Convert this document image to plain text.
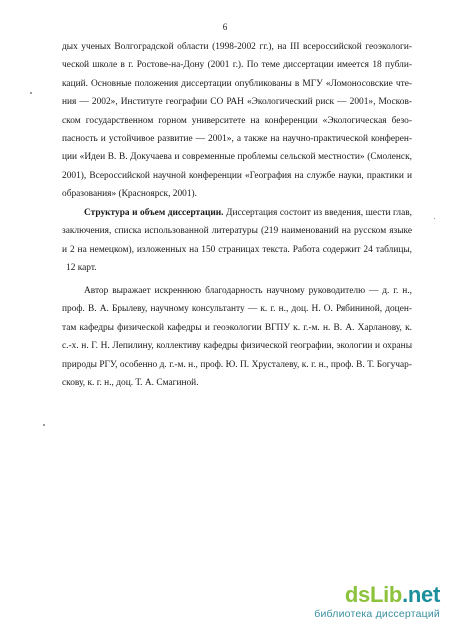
6
дых ученых Волгоградской области (1998-2002 гг.), на III всероссийской геоэкологи-
ческой школе в г. Ростове-на-Дону (2001 г.). По теме диссертации имеется 18 публи-
каций. Основные положения диссертации опубликованы в МГУ «Ломоносовские чте-
ния — 2002», Институте географии СО РАН «Экологический риск — 2001», Москов-
ском государственном горном университете на конференции «Экологическая безо-
пасность и устойчивое развитие — 2001», а также на научно-практической конферен-
ции «Идеи В. В. Докучаева и современные проблемы сельской местности» (Смоленск,
2001), Всероссийской научной конференции «География на службе науки, практики и
образования» (Красноярск, 2001).
Структура и объем диссертации. Диссертация состоит из введения, шести глав,
заключения, списка использованной литературы (219 наименований на русском языке
и 2 на немецком), изложенных на 150 страницах текста. Работа содержит 24 таблицы,
12 карт.
Автор выражает искреннюю благодарность научному руководителю — д. г. н.,
проф. В. А. Брылеву, научному консультанту — к. г. н., доц. Н. О. Рябининой, доцен-
там кафедры физической кафедры и геоэкологии ВГПУ к. г.-м. н. В. А. Харланову, к.
с.-х. н. Г. Н. Лепилину, коллективу кафедры физической географии, экологии и охраны
природы РГУ, особенно д. г.-м. н., проф. Ю. П. Хрусталеву, к. г. н., проф. В. Т. Богучар-
скову, к. г. н., доц. Т. А. Смагиной.
dsLib.net
библиотека диссертаций
